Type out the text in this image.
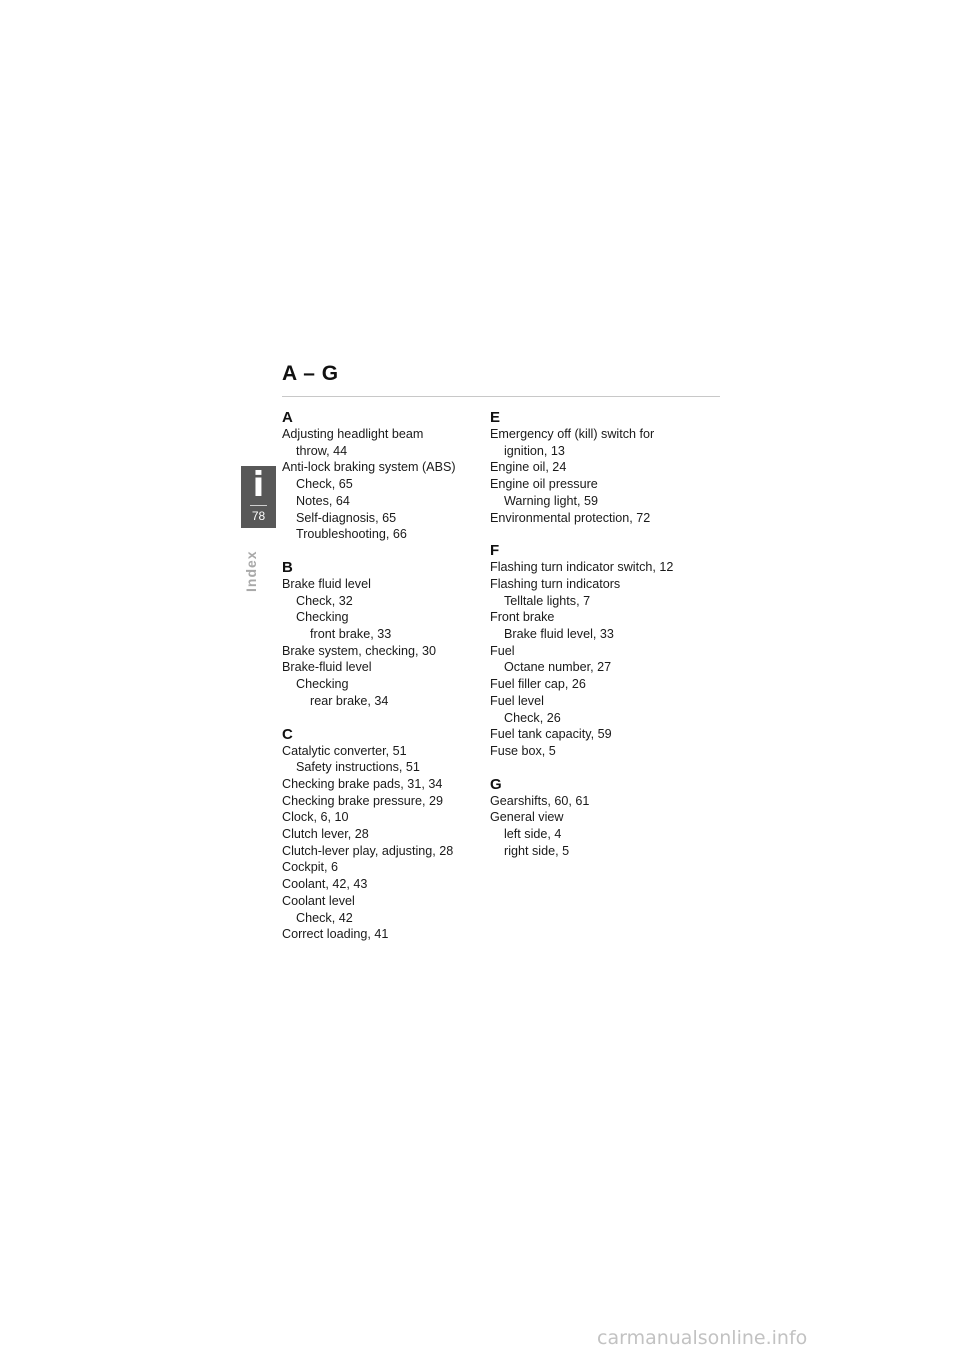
A – G
i
78
Index
A
Adjusting headlight beam
throw, 44
Anti-lock braking system (ABS)
Check, 65
Notes, 64
Self-diagnosis, 65
Troubleshooting, 66
B
Brake fluid level
Check, 32
Checking
front brake, 33
Brake system, checking, 30
Brake-fluid level
Checking
rear brake, 34
C
Catalytic converter, 51
Safety instructions, 51
Checking brake pads, 31, 34
Checking brake pressure, 29
Clock, 6, 10
Clutch lever, 28
Clutch-lever play, adjusting, 28
Cockpit, 6
Coolant, 42, 43
Coolant level
Check, 42
Correct loading, 41
E
Emergency off (kill) switch for
ignition, 13
Engine oil, 24
Engine oil pressure
Warning light, 59
Environmental protection, 72
F
Flashing turn indicator switch, 12
Flashing turn indicators
Telltale lights, 7
Front brake
Brake fluid level, 33
Fuel
Octane number, 27
Fuel filler cap, 26
Fuel level
Check, 26
Fuel tank capacity, 59
Fuse box, 5
G
Gearshifts, 60, 61
General view
left side, 4
right side, 5
carmanualsonline.info
